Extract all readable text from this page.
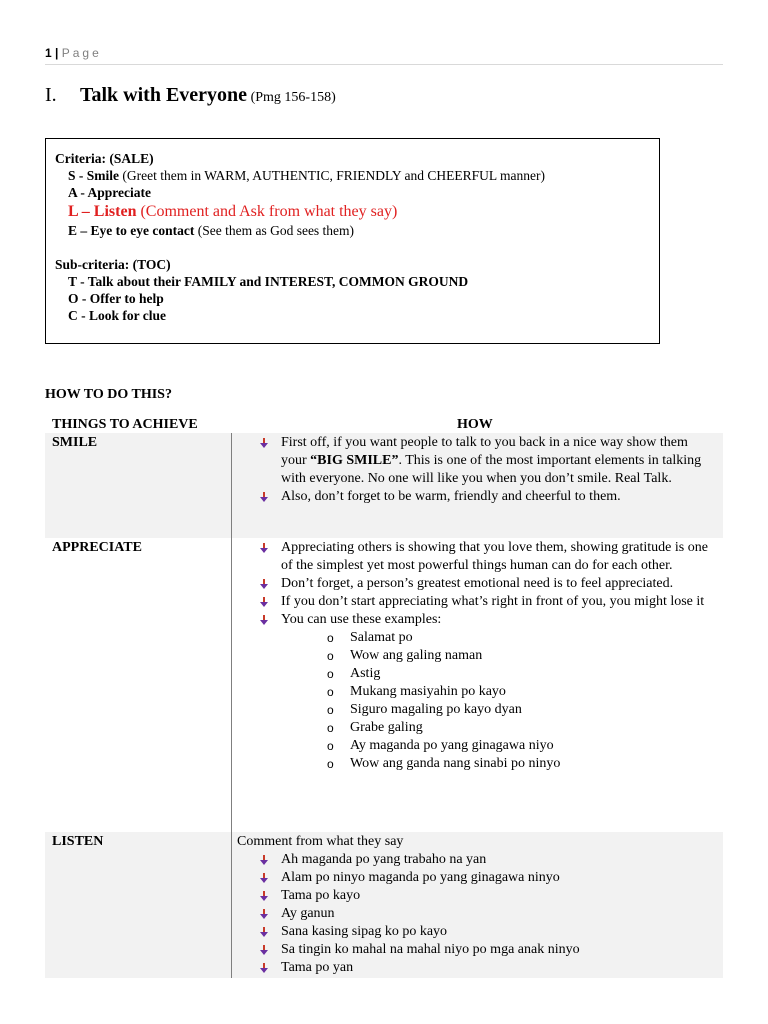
1 | Page
I. Talk with Everyone (Pmg 156-158)
Criteria: (SALE)
S - Smile (Greet them in WARM, AUTHENTIC, FRIENDLY and CHEERFUL manner)
A - Appreciate
L – Listen (Comment and Ask from what they say)
E – Eye to eye contact (See them as God sees them)
Sub-criteria: (TOC)
T - Talk about their FAMILY and INTEREST, COMMON GROUND
O - Offer to help
C - Look for clue
HOW TO DO THIS?
THINGS TO ACHIEVE	HOW
SMILE	First off, if you want people to talk to you back in a nice way show them your “BIG SMILE”. This is one of the most important elements in talking with everyone. No one will like you when you don’t smile. Real Talk.
Also, don’t forget to be warm, friendly and cheerful to them.
APPRECIATE	Appreciating others is showing that you love them, showing gratitude is one of the simplest yet most powerful things human can do for each other.
Don’t forget, a person’s greatest emotional need is to feel appreciated.
If you don’t start appreciating what’s right in front of you, you might lose it
You can use these examples:
o	Salamat po
o	Wow ang galing naman
o	Astig
o	Mukang masiyahin po kayo
o	Siguro magaling po kayo dyan
o	Grabe galing
o	Ay maganda po yang ginagawa niyo
o	Wow ang ganda nang sinabi po ninyo
LISTEN	Comment from what they say
Ah maganda po yang trabaho na yan
Alam po ninyo maganda po yang ginagawa ninyo
Tama po kayo
Ay ganun
Sana kasing sipag ko po kayo
Sa tingin ko mahal na mahal niyo po mga anak ninyo
Tama po yan
